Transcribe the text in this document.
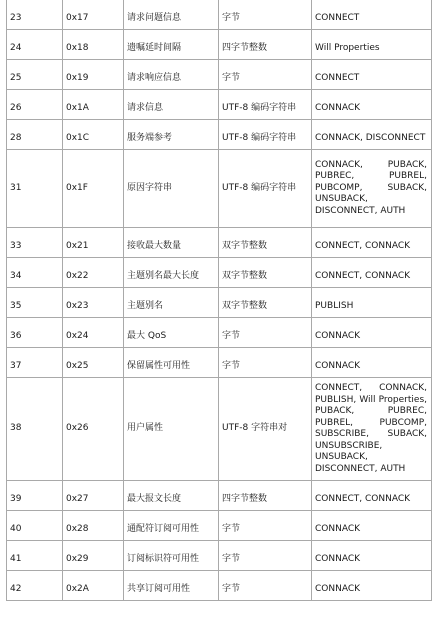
23	0x17	请求问题信息	字节	CONNECT
24	0x18	遗嘱延时间隔	四字节整数	Will Properties
25	0x19	请求响应信息	字节	CONNECT
26	0x1A	请求信息	UTF-8 编码字符串	CONNACK
28	0x1C	服务端参考	UTF-8 编码字符串	CONNACK, DISCONNECT
31	0x1F	原因字符串	UTF-8 编码字符串	CONNACK, PUBACK, PUBREC, PUBREL, PUBCOMP, SUBACK, UNSUBACK, DISCONNECT, AUTH
33	0x21	接收最大数量	双字节整数	CONNECT, CONNACK
34	0x22	主题别名最大长度	双字节整数	CONNECT, CONNACK
35	0x23	主题别名	双字节整数	PUBLISH
36	0x24	最大 QoS	字节	CONNACK
37	0x25	保留属性可用性	字节	CONNACK
38	0x26	用户属性	UTF-8 字符串对	CONNECT, CONNACK, PUBLISH, Will Properties, PUBACK, PUBREC, PUBREL, PUBCOMP, SUBSCRIBE, SUBACK, UNSUBSCRIBE, UNSUBACK, DISCONNECT, AUTH
39	0x27	最大报文长度	四字节整数	CONNECT, CONNACK
40	0x28	通配符订阅可用性	字节	CONNACK
41	0x29	订阅标识符可用性	字节	CONNACK
42	0x2A	共享订阅可用性	字节	CONNACK
